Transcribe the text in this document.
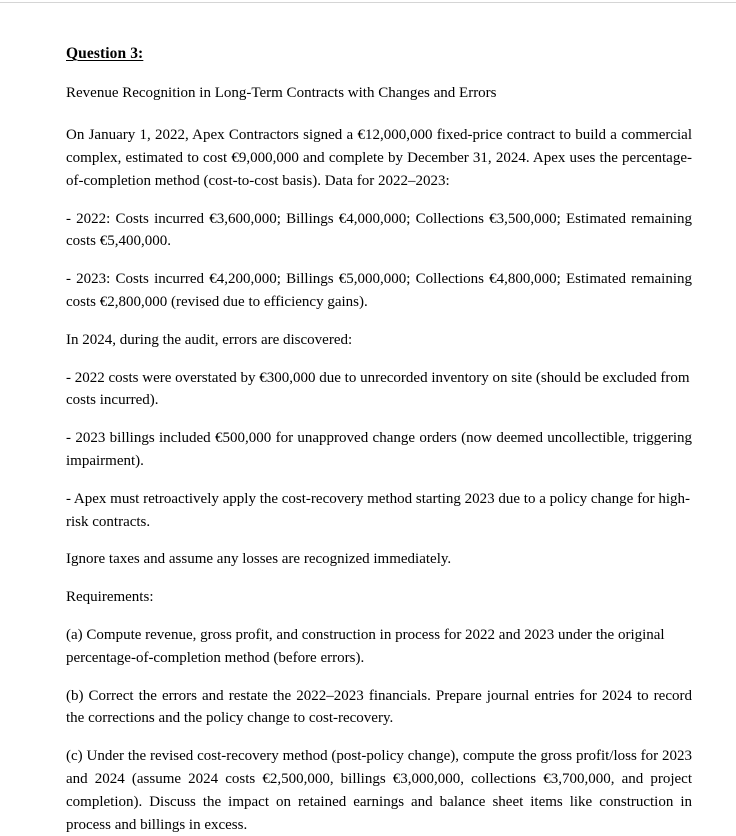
Question 3:

Revenue Recognition in Long-Term Contracts with Changes and Errors

On January 1, 2022, Apex Contractors signed a €12,000,000 fixed-price contract to build a commercial complex, estimated to cost €9,000,000 and complete by December 31, 2024. Apex uses the percentage-of-completion method (cost-to-cost basis). Data for 2022–2023:

- 2022: Costs incurred €3,600,000; Billings €4,000,000; Collections €3,500,000; Estimated remaining costs €5,400,000.

- 2023: Costs incurred €4,200,000; Billings €5,000,000; Collections €4,800,000; Estimated remaining costs €2,800,000 (revised due to efficiency gains).

In 2024, during the audit, errors are discovered:

- 2022 costs were overstated by €300,000 due to unrecorded inventory on site (should be excluded from costs incurred).

- 2023 billings included €500,000 for unapproved change orders (now deemed uncollectible, triggering impairment).

- Apex must retroactively apply the cost-recovery method starting 2023 due to a policy change for high-risk contracts.

Ignore taxes and assume any losses are recognized immediately.

Requirements:

(a) Compute revenue, gross profit, and construction in process for 2022 and 2023 under the original percentage-of-completion method (before errors).

(b) Correct the errors and restate the 2022–2023 financials. Prepare journal entries for 2024 to record the corrections and the policy change to cost-recovery.

(c) Under the revised cost-recovery method (post-policy change), compute the gross profit/loss for 2023 and 2024 (assume 2024 costs €2,500,000, billings €3,000,000, collections €3,700,000, and project completion). Discuss the impact on retained earnings and balance sheet items like construction in process and billings in excess.
